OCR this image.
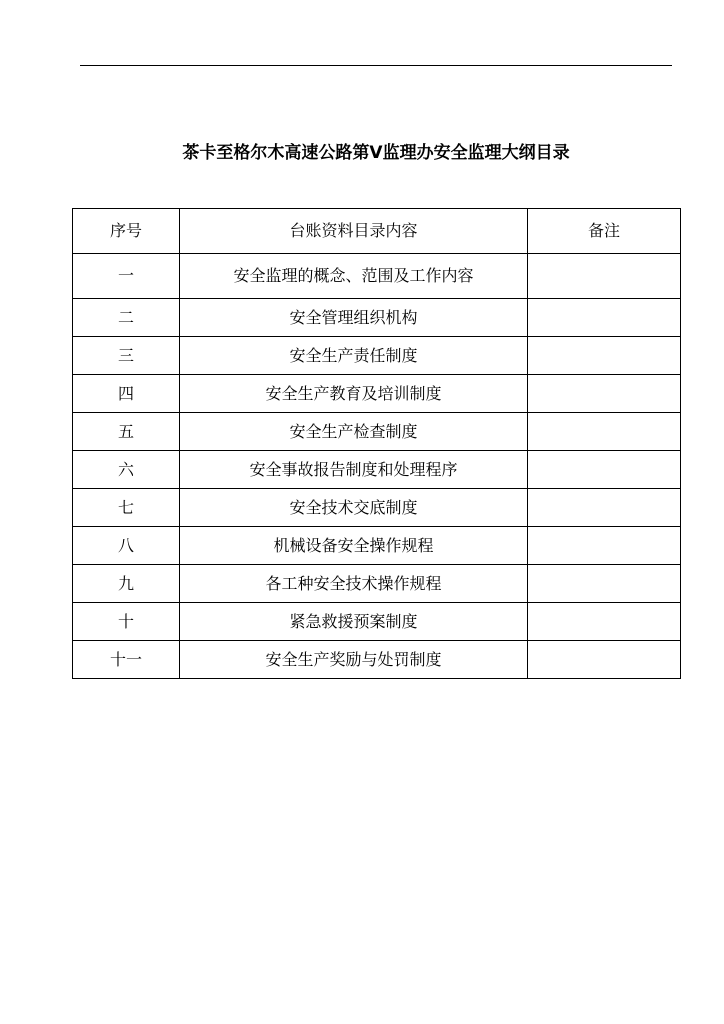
茶卡至格尔木高速公路第Ⅴ监理办安全监理大纲目录
序号	台账资料目录内容	备注
一	安全监理的概念、范围及工作内容	
二	安全管理组织机构	
三	安全生产责任制度	
四	安全生产教育及培训制度	
五	安全生产检查制度	
六	安全事故报告制度和处理程序	
七	安全技术交底制度	
八	机械设备安全操作规程	
九	各工种安全技术操作规程	
十	紧急救援预案制度	
十一	安全生产奖励与处罚制度	
